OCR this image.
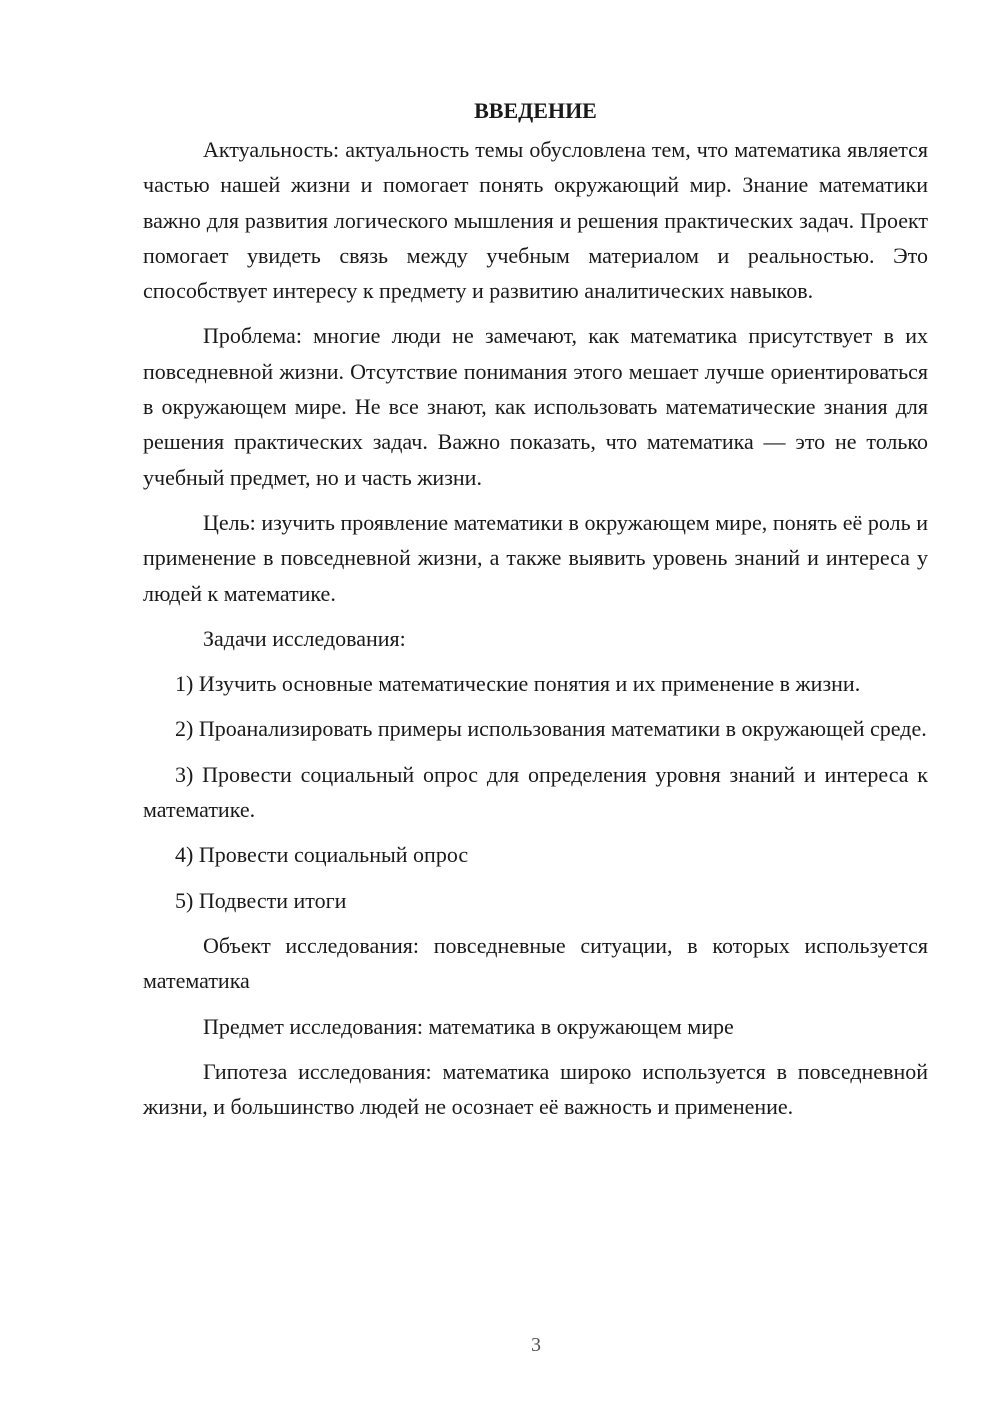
ВВЕДЕНИЕ

Актуальность: актуальность темы обусловлена тем, что математика является частью нашей жизни и помогает понять окружающий мир. Знание математики важно для развития логического мышления и решения практических задач. Проект помогает увидеть связь между учебным материалом и реальностью. Это способствует интересу к предмету и развитию аналитических навыков.

Проблема: многие люди не замечают, как математика присутствует в их повседневной жизни. Отсутствие понимания этого мешает лучше ориентироваться в окружающем мире. Не все знают, как использовать математические знания для решения практических задач. Важно показать, что математика — это не только учебный предмет, но и часть жизни.

Цель: изучить проявление математики в окружающем мире, понять её роль и применение в повседневной жизни, а также выявить уровень знаний и интереса у людей к математике.

Задачи исследования:

1) Изучить основные математические понятия и их применение в жизни.

2) Проанализировать примеры использования математики в окружающей среде.

3) Провести социальный опрос для определения уровня знаний и интереса к математике.

4) Провести социальный опрос

5) Подвести итоги

Объект исследования: повседневные ситуации, в которых используется математика

Предмет исследования: математика в окружающем мире

Гипотеза исследования: математика широко используется в повседневной жизни, и большинство людей не осознает её важность и применение.

3
